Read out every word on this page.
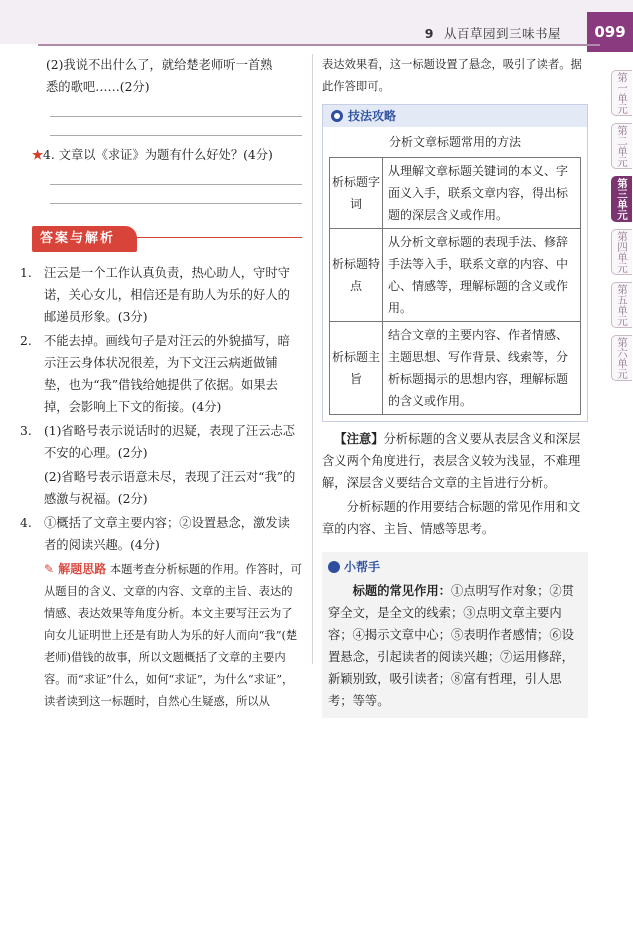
9 从百草园到三味书屋	099
第一单元
第二单元
第三单元
第四单元
第五单元
第六单元

(2)我说不出什么了，就给楚老师听一首熟

悉的歌吧……(2分)

★4. 文章以《求证》为题有什么好处？(4分)

答案与解析
1. 汪云是一个工作认真负责，热心助人，守时守诺，关心女儿，相信还是有助人为乐的好人的邮递员形象。(3分)
2. 不能去掉。画线句子是对汪云的外貌描写，暗示汪云身体状况很差，为下文汪云病逝做铺垫，也为“我”借钱给她提供了依据。如果去掉，会影响上下文的衔接。(4分)
3. (1)省略号表示说话时的迟疑，表现了汪云忐忑不安的心理。(2分)
(2)省略号表示语意未尽，表现了汪云对“我”的感激与祝福。(2分)
4. ①概括了文章主要内容；②设置悬念，激发读者的阅读兴趣。(4分)
✎ 解题思路 本题考查分析标题的作用。作答时，可从题目的含义、文章的内容、文章的主旨、表达的情感、表达效果等角度分析。本文主要写汪云为了向女儿证明世上还是有助人为乐的好人而向“我”(楚老师)借钱的故事，所以文题概括了文章的主要内容。而“求证”什么，如何“求证”，为什么“求证”，读者读到这一标题时，自然心生疑惑，所以从

表达效果看，这一标题设置了悬念，吸引了读者。据此作答即可。

技法攻略
分析文章标题常用的方法
析标题字词	从理解文章标题关键词的本义、字面义入手，联系文章内容，得出标题的深层含义或作用。
析标题特点	从分析文章标题的表现手法、修辞手法等入手，联系文章的内容、中心、情感等，理解标题的含义或作用。
析标题主旨	结合文章的主要内容、作者情感、主题思想、写作背景、线索等，分析标题揭示的思想内容，理解标题的含义或作用。

【注意】分析标题的含义要从表层含义和深层含义两个角度进行，表层含义较为浅显，不难理解，深层含义要结合文章的主旨进行分析。

分析标题的作用要结合标题的常见作用和文章的内容、主旨、情感等思考。

小帮手
标题的常见作用：①点明写作对象；②贯穿全文，是全文的线索；③点明文章主要内容；④揭示文章中心；⑤表明作者感情；⑥设置悬念，引起读者的阅读兴趣；⑦运用修辞，新颖别致，吸引读者；⑧富有哲理，引人思考；等等。
